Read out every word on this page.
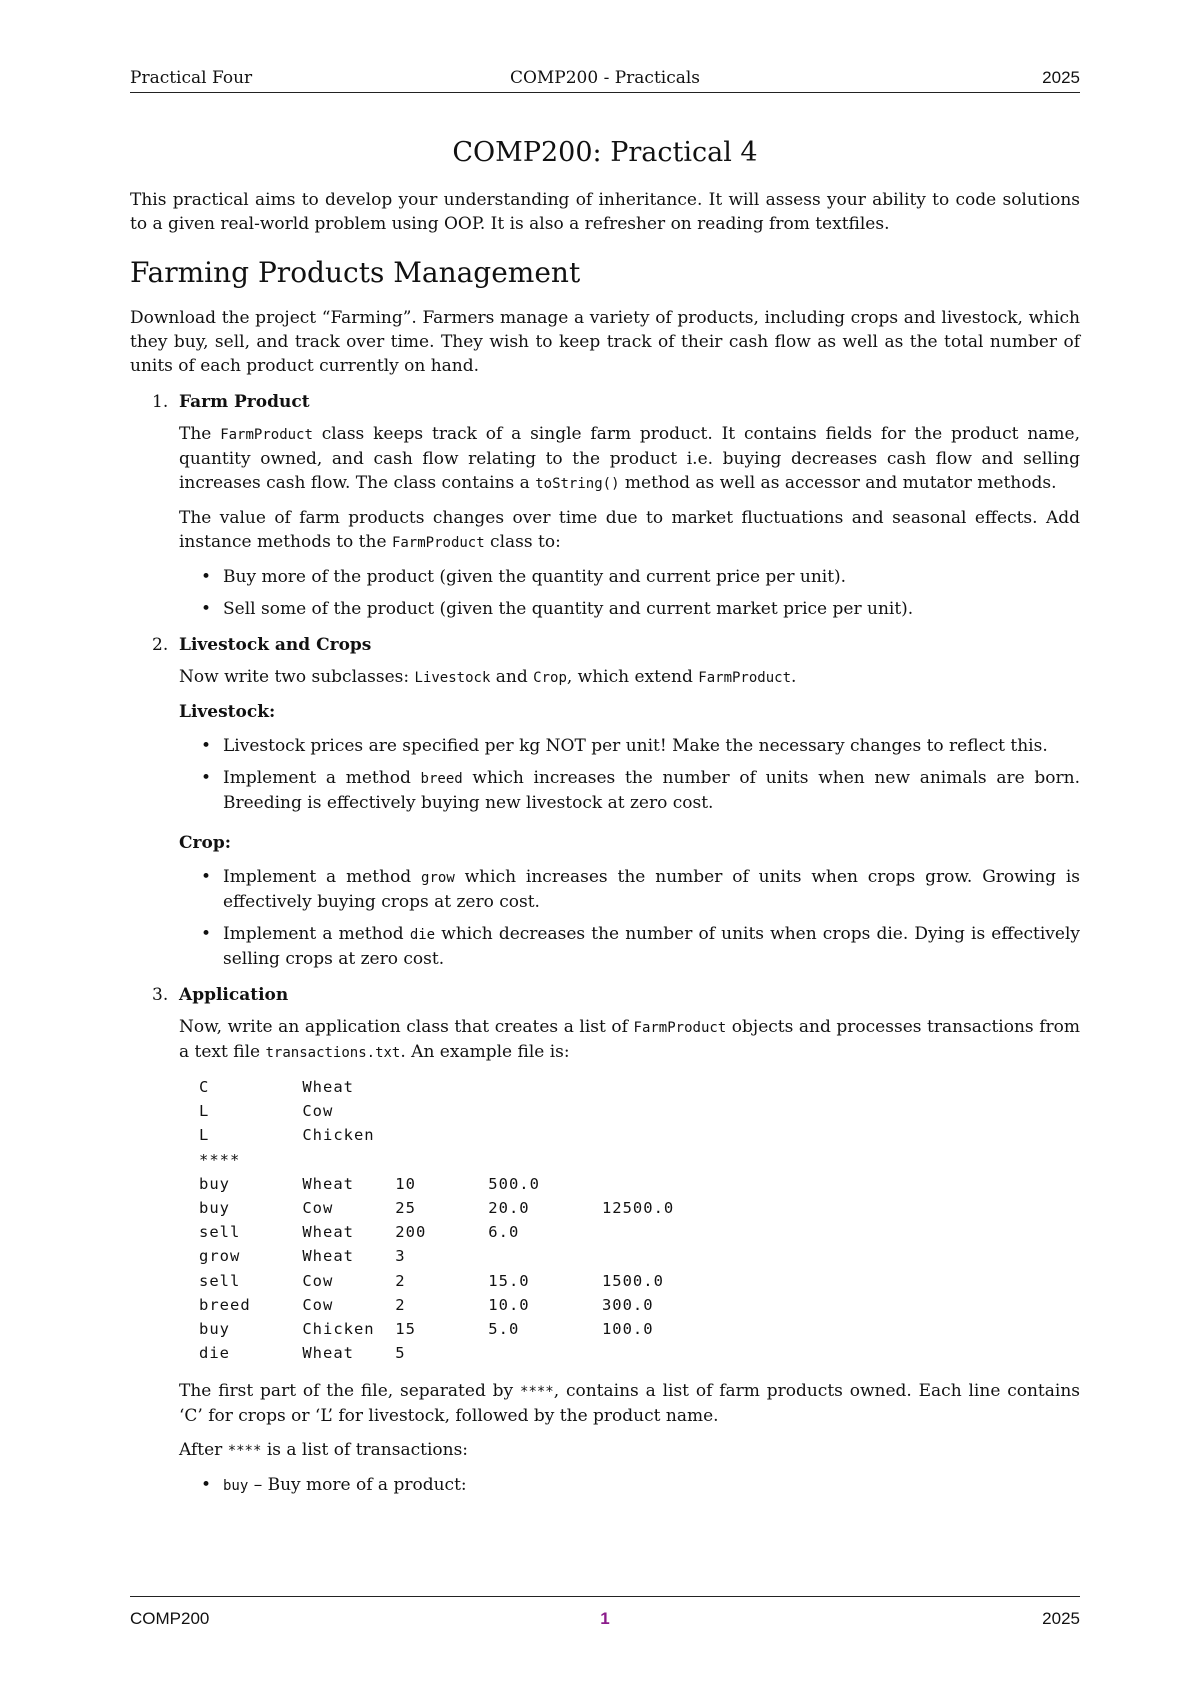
Practical Four	COMP200 - Practicals	2025
COMP200: Practical 4

This practical aims to develop your understanding of inheritance. It will assess your ability to code solutions to a given real-world problem using OOP. It is also a refresher on reading from textfiles.

Farming Products Management

Download the project “Farming”. Farmers manage a variety of products, including crops and livestock, which they buy, sell, and track over time. They wish to keep track of their cash flow as well as the total number of units of each product currently on hand.

1. Farm Product

The FarmProduct class keeps track of a single farm product. It contains fields for the product name, quantity owned, and cash flow relating to the product i.e. buying decreases cash flow and selling increases cash flow. The class contains a toString() method as well as accessor and mutator methods.

The value of farm products changes over time due to market fluctuations and seasonal effects. Add instance methods to the FarmProduct class to:

• Buy more of the product (given the quantity and current price per unit).
• Sell some of the product (given the quantity and current market price per unit).
2. Livestock and Crops

Now write two subclasses: Livestock and Crop, which extend FarmProduct.

Livestock:
• Livestock prices are specified per kg NOT per unit! Make the necessary changes to reflect this.
• Implement a method breed which increases the number of units when new animals are born. Breeding is effectively buying new livestock at zero cost.
Crop:
• Implement a method grow which increases the number of units when crops grow. Growing is effectively buying crops at zero cost.
• Implement a method die which decreases the number of units when crops die. Dying is effectively selling crops at zero cost.
3. Application

Now, write an application class that creates a list of FarmProduct objects and processes transactions from a text file transactions.txt. An example file is:

C         Wheat
L         Cow
L         Chicken
****
buy       Wheat    10       500.0
buy       Cow      25       20.0       12500.0
sell      Wheat    200      6.0
grow      Wheat    3
sell      Cow      2        15.0       1500.0
breed     Cow      2        10.0       300.0
buy       Chicken  15       5.0        100.0
die       Wheat    5

The first part of the file, separated by ****, contains a list of farm products owned. Each line contains ‘C’ for crops or ‘L’ for livestock, followed by the product name.

After **** is a list of transactions:

• buy – Buy more of a product:
COMP200	1	2025
